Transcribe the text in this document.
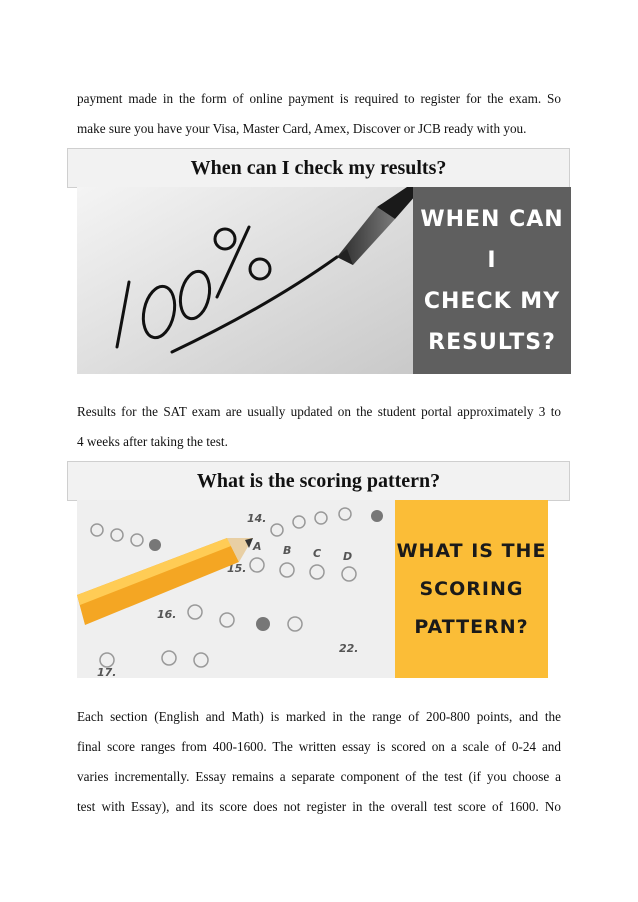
payment made in the form of online payment is required to register for the exam. So

make sure you have your Visa, Master Card, Amex, Discover or JCB ready with you.

When can I check my results?
WHEN CAN I
CHECK MY
RESULTS?

Results for the SAT exam are usually updated on the student portal approximately 3 to

4 weeks after taking the test.

What is the scoring pattern?
14.
15.
16.
17.
22.
A B C D WHAT IS THE
SCORING
PATTERN?

Each section (English and Math) is marked in the range of 200-800 points, and the

final score ranges from 400-1600. The written essay is scored on a scale of 0-24 and

varies incrementally. Essay remains a separate component of the test (if you choose a

test with Essay), and its score does not register in the overall test score of 1600. No
